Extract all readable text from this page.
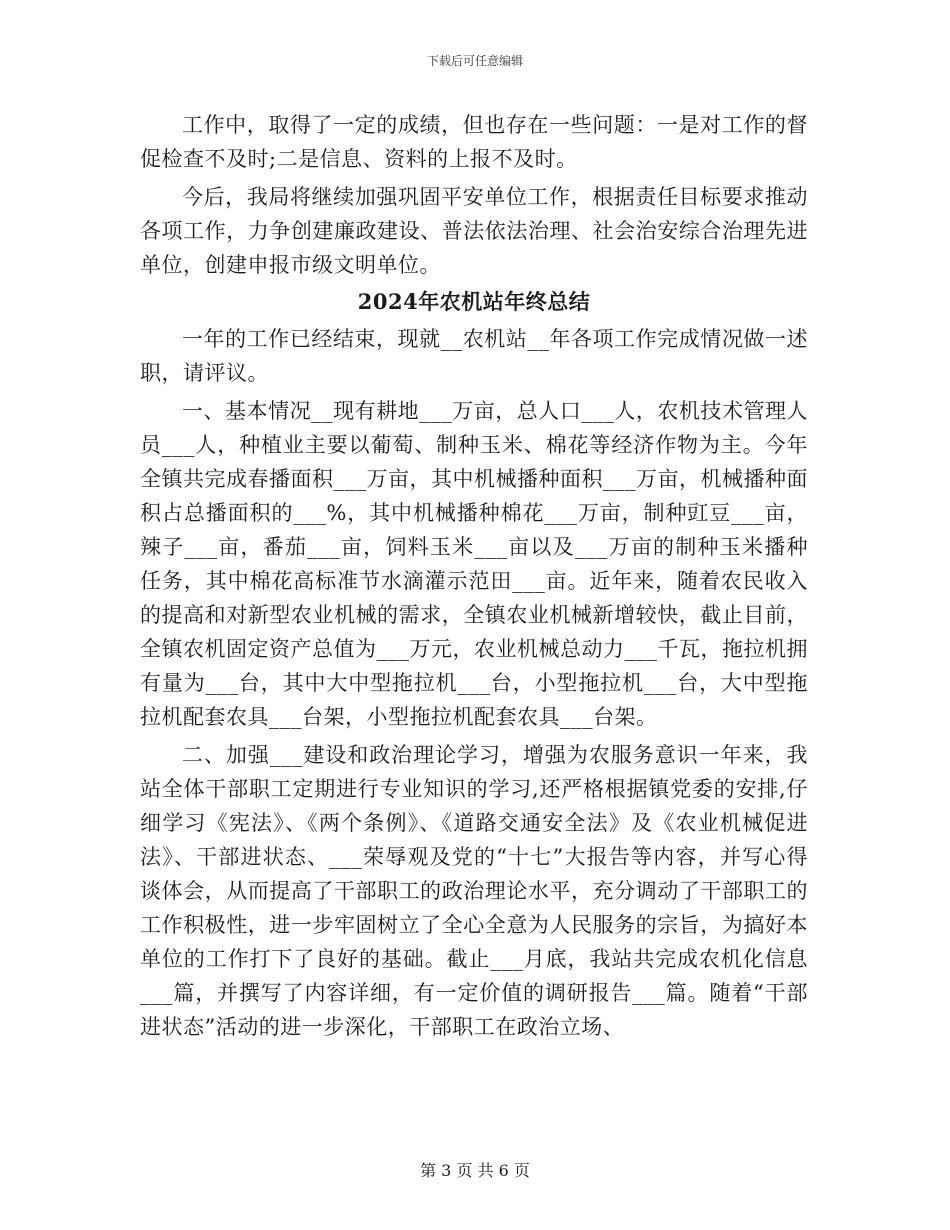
下载后可任意编辑

工作中，取得了一定的成绩，但也存在一些问题：一是对工作的督促检查不及时;二是信息、资料的上报不及时。

今后，我局将继续加强巩固平安单位工作，根据责任目标要求推动各项工作，力争创建廉政建设、普法依法治理、社会治安综合治理先进单位，创建申报市级文明单位。

2024年农机站年终总结

一年的工作已经结束，现就__农机站__年各项工作完成情况做一述职，请评议。

一、基本情况__现有耕地___万亩，总人口___人，农机技术管理人员___人，种植业主要以葡萄、制种玉米、棉花等经济作物为主。今年全镇共完成春播面积___万亩，其中机械播种面积___万亩，机械播种面积占总播面积的___%，其中机械播种棉花___万亩，制种豇豆___亩，辣子___亩，番茄___亩，饲料玉米___亩以及___万亩的制种玉米播种任务，其中棉花高标准节水滴灌示范田___亩。近年来，随着农民收入的提高和对新型农业机械的需求，全镇农业机械新增较快，截止目前，全镇农机固定资产总值为___万元，农业机械总动力___千瓦，拖拉机拥有量为___台，其中大中型拖拉机___台，小型拖拉机___台，大中型拖拉机配套农具___台架，小型拖拉机配套农具___台架。

二、加强___建设和政治理论学习，增强为农服务意识一年来，我站全体干部职工定期进行专业知识的学习,还严格根据镇党委的安排,仔细学习《宪法》、《两个条例》、《道路交通安全法》及《农业机械促进法》、干部进状态、___荣辱观及党的“十七”大报告等内容，并写心得谈体会，从而提高了干部职工的政治理论水平，充分调动了干部职工的工作积极性，进一步牢固树立了全心全意为人民服务的宗旨，为搞好本单位的工作打下了良好的基础。截止___月底，我站共完成农机化信息___篇，并撰写了内容详细，有一定价值的调研报告___篇。随着“干部进状态”活动的进一步深化，干部职工在政治立场、

第 3 页 共 6 页
